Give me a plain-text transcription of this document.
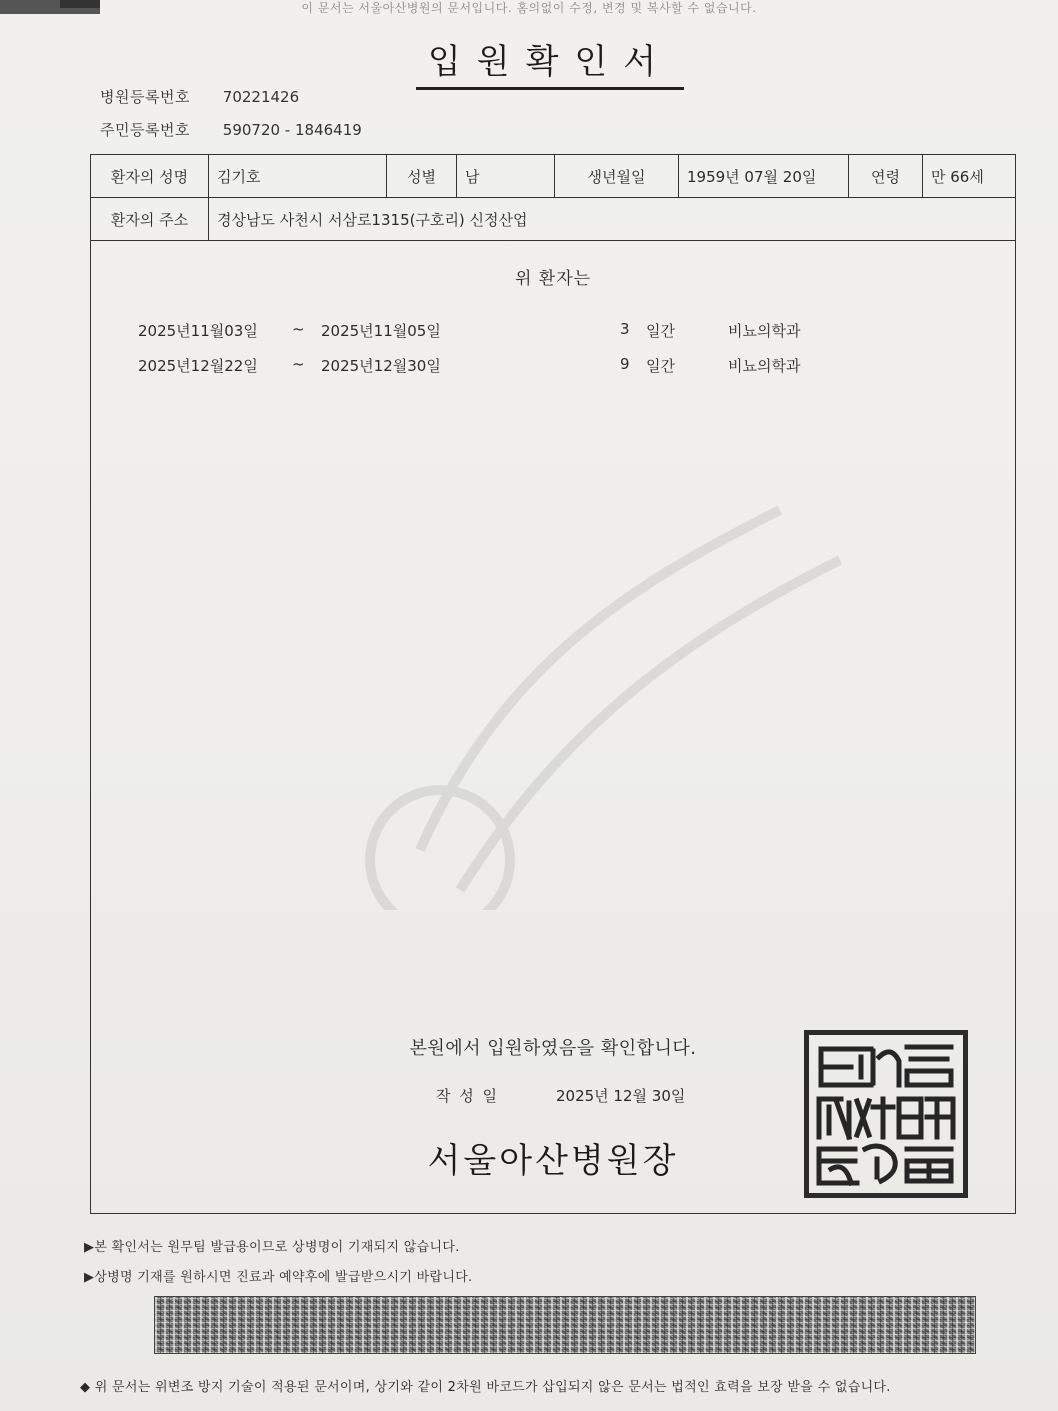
이 문서는 서울아산병원의 문서입니다. 홈의없이 수정, 변경 및 복사할 수 없습니다.
입원확인서
병원등록번호 70221426
주민등록번호 590720 - 1846419
환자의 성명	김기호	성별	남	생년월일	1959년 07월 20일	연령	만 66세
환자의 주소	경상남도 사천시 서삼로1315(구호리) 신정산업						
위 환자는
2025년11월03일 ~ 2025년11월05일	3 일간	비뇨의학과
2025년12월22일 ~ 2025년12월30일	9 일간	비뇨의학과
본원에서 입원하였음을 확인합니다.
작 성 일	2025년 12월 30일
서울아산병원장
▶본 확인서는 원무팀 발급용이므로 상병명이 기재되지 않습니다.
▶상병명 기재를 원하시면 진료과 예약후에 발급받으시기 바랍니다.
◆ 위 문서는 위변조 방지 기술이 적용된 문서이며, 상기와 같이 2차원 바코드가 삽입되지 않은 문서는 법적인 효력을 보장 받을 수 없습니다.
